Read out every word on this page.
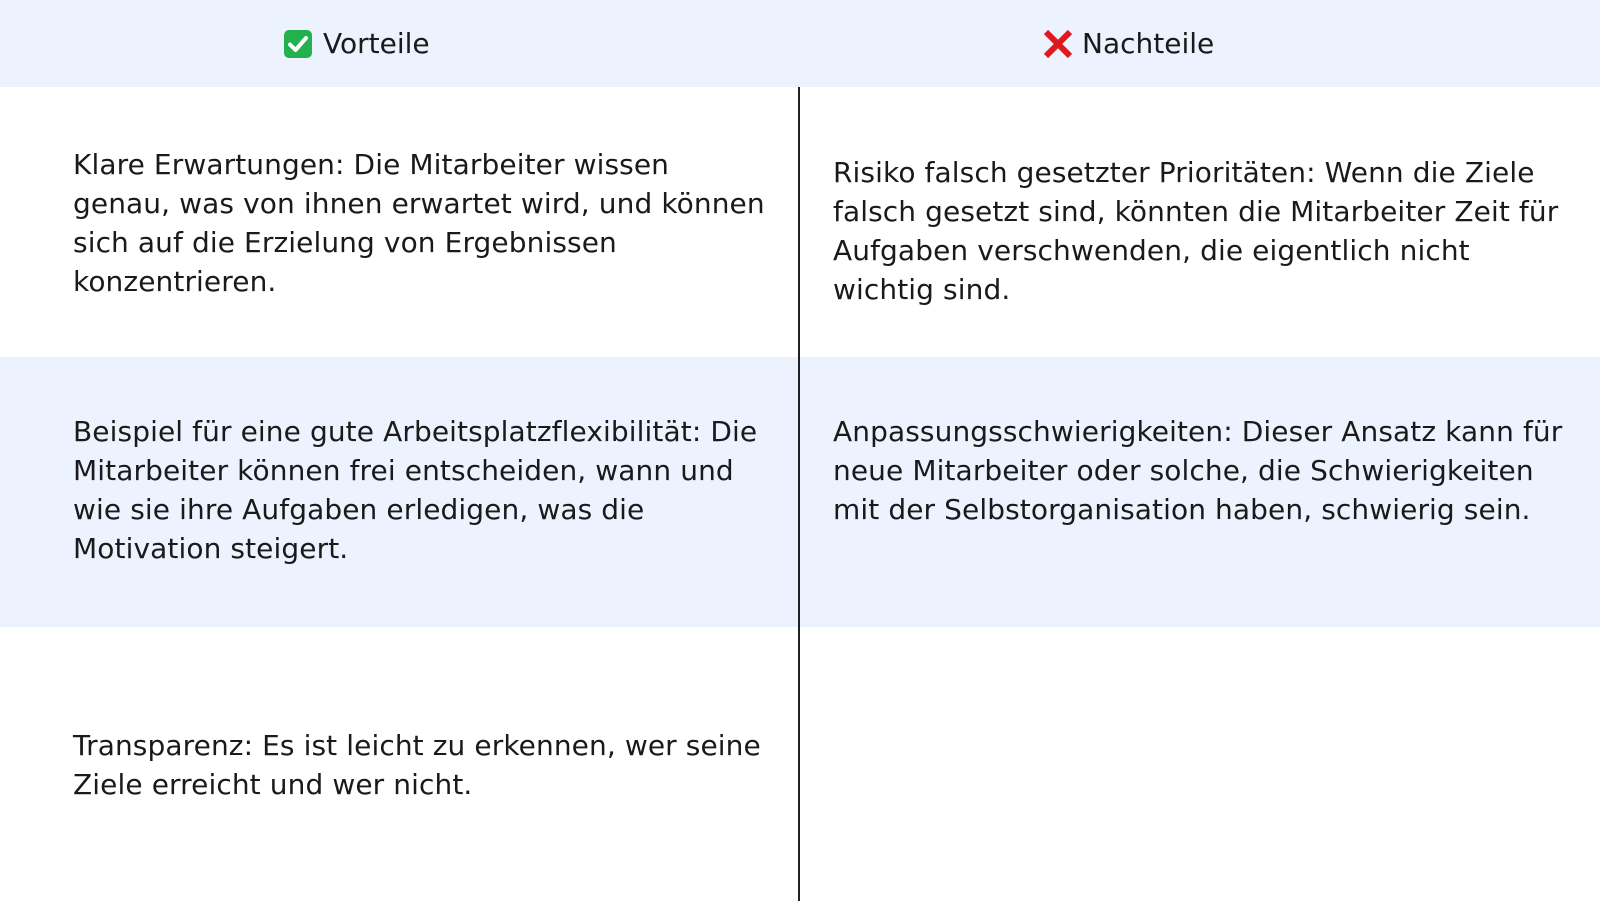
Vorteile	Nachteile

Klare Erwartungen: Die Mitarbeiter wissen genau, was von ihnen erwartet wird, und können sich auf die Erzielung von Ergebnissen konzentrieren.

Risiko falsch gesetzter Prioritäten: Wenn die Ziele falsch gesetzt sind, könnten die Mitarbeiter Zeit für Aufgaben verschwenden, die eigentlich nicht wichtig sind.

Beispiel für eine gute Arbeitsplatzflexibilität: Die Mitarbeiter können frei entscheiden, wann und wie sie ihre Aufgaben erledigen, was die Motivation steigert.

Anpassungsschwierigkeiten: Dieser Ansatz kann für neue Mitarbeiter oder solche, die Schwierigkeiten mit der Selbstorganisation haben, schwierig sein.

Transparenz: Es ist leicht zu erkennen, wer seine Ziele erreicht und wer nicht.
